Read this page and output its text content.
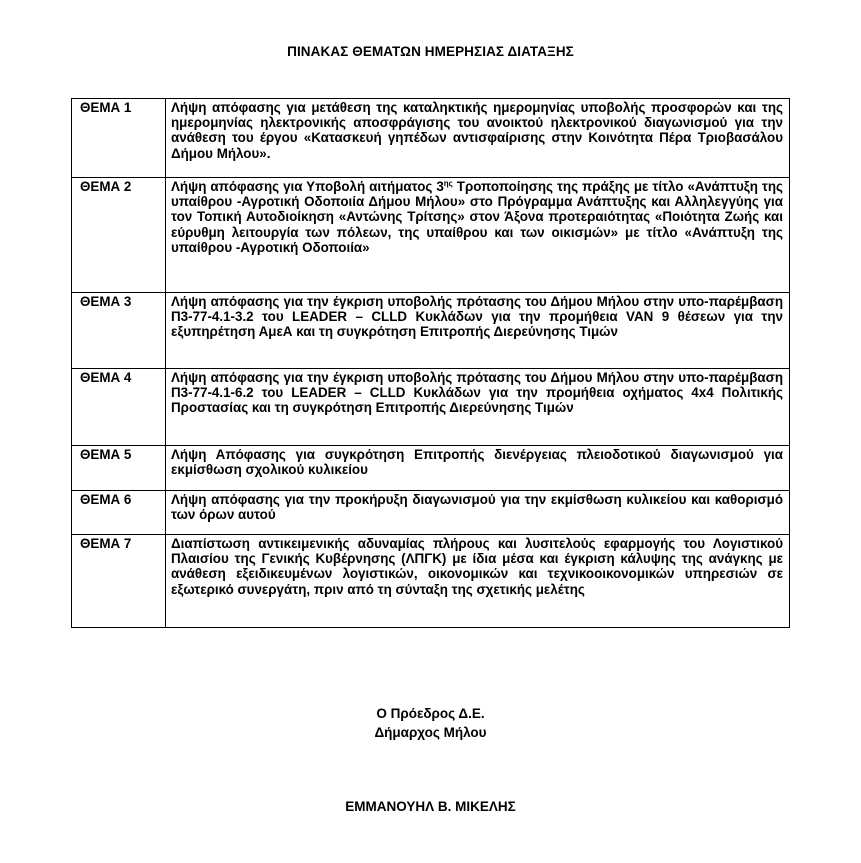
ΠΙΝΑΚΑΣ ΘΕΜΑΤΩΝ ΗΜΕΡΗΣΙΑΣ ΔΙΑΤΑΞΗΣ
ΘΕΜΑ 1	Λήψη απόφασης για μετάθεση της καταληκτικής ημερομηνίας υποβολής προσφορών και της ημερομηνίας ηλεκτρονικής αποσφράγισης του ανοικτού ηλεκτρονικού διαγωνισμού για την ανάθεση του έργου «Κατασκευή γηπέδων αντισφαίρισης στην Κοινότητα Πέρα Τριοβασάλου Δήμου Μήλου».
ΘΕΜΑ 2	Λήψη απόφασης για Υποβολή αιτήματος $3^{\eta\varsigma}$ Τροποποίησης της πράξης με τίτλο «Ανάπτυξη της υπαίθρου -Αγροτική Οδοποιία Δήμου Μήλου» στο Πρόγραμμα Ανάπτυξης και Αλληλεγγύης για τον Τοπική Αυτοδιοίκηση «Αντώνης Τρίτσης» στον Άξονα προτεραιότητας «Ποιότητα Ζωής και εύρυθμη λειτουργία των πόλεων, της υπαίθρου και των οικισμών» με τίτλο «Ανάπτυξη της υπαίθρου -Αγροτική Οδοποιία»
ΘΕΜΑ 3	Λήψη απόφασης για την έγκριση υποβολής πρότασης του Δήμου Μήλου στην υπο-παρέμβαση Π3-77-4.1-3.2 του LEADER – CLLD Κυκλάδων για την προμήθεια VAN 9 θέσεων για την εξυπηρέτηση ΑμεΑ και τη συγκρότηση Επιτροπής Διερεύνησης Τιμών
ΘΕΜΑ 4	Λήψη απόφασης για την έγκριση υποβολής πρότασης του Δήμου Μήλου στην υπο-παρέμβαση Π3-77-4.1-6.2 του LEADER – CLLD Κυκλάδων για την προμήθεια οχήματος 4x4 Πολιτικής Προστασίας και τη συγκρότηση Επιτροπής Διερεύνησης Τιμών
ΘΕΜΑ 5	Λήψη Απόφασης για συγκρότηση Επιτροπής διενέργειας πλειοδοτικού διαγωνισμού για εκμίσθωση σχολικού κυλικείου
ΘΕΜΑ 6	Λήψη απόφασης για την προκήρυξη διαγωνισμού για την εκμίσθωση κυλικείου και καθορισμό των όρων αυτού
ΘΕΜΑ 7	Διαπίστωση αντικειμενικής αδυναμίας πλήρους και λυσιτελούς εφαρμογής του Λογιστικού Πλαισίου της Γενικής Κυβέρνησης (ΛΠΓΚ) με ίδια μέσα και έγκριση κάλυψης της ανάγκης με ανάθεση εξειδικευμένων λογιστικών, οικονομικών και τεχνικοοικονομικών υπηρεσιών σε εξωτερικό συνεργάτη, πριν από τη σύνταξη της σχετικής μελέτης
Ο Πρόεδρος Δ.Ε.
Δήμαρχος Μήλου
ΕΜΜΑΝΟΥΗΛ Β. ΜΙΚΕΛΗΣ
